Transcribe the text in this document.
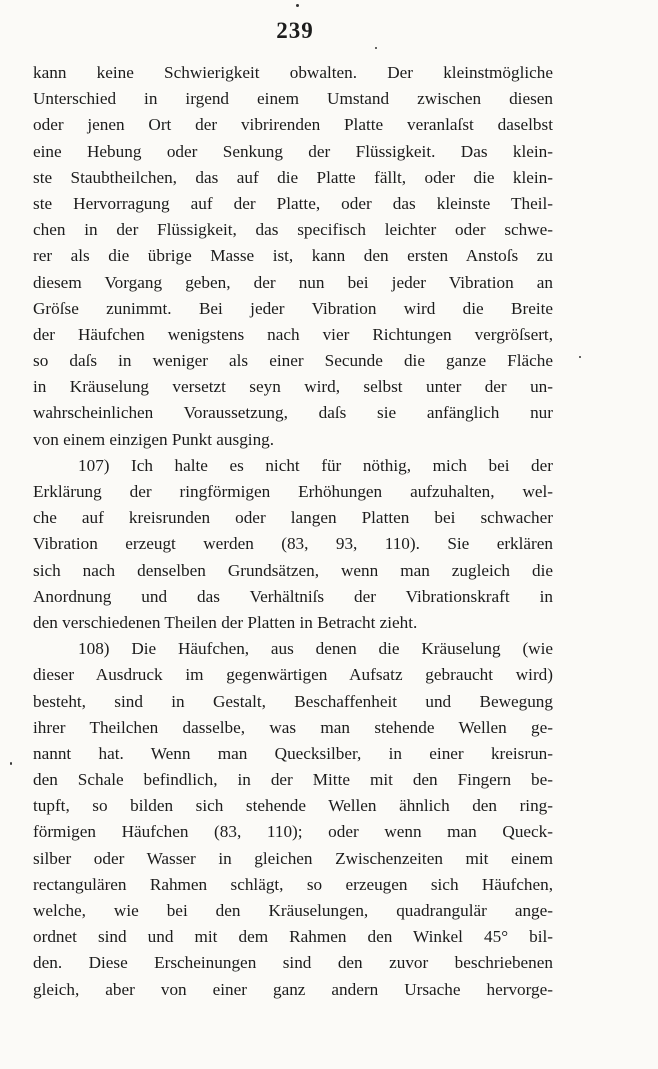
239
kann keine Schwierigkeit obwalten. Der kleinstmögliche
Unterschied in irgend einem Umstand zwischen diesen
oder jenen Ort der vibrirenden Platte veranlaſst daselbst
eine Hebung oder Senkung der Flüssigkeit. Das klein-
ste Staubtheilchen, das auf die Platte fällt, oder die klein-
ste Hervorragung auf der Platte, oder das kleinste Theil-
chen in der Flüssigkeit, das specifisch leichter oder schwe-
rer als die übrige Masse ist, kann den ersten Anstoſs zu
diesem Vorgang geben, der nun bei jeder Vibration an
Gröſse zunimmt. Bei jeder Vibration wird die Breite
der Häufchen wenigstens nach vier Richtungen vergröſsert,
so daſs in weniger als einer Secunde die ganze Fläche
in Kräuselung versetzt seyn wird, selbst unter der un-
wahrscheinlichen Voraussetzung, daſs sie anfänglich nur
von einem einzigen Punkt ausging.
107) Ich halte es nicht für nöthig, mich bei der
Erklärung der ringförmigen Erhöhungen aufzuhalten, wel-
che auf kreisrunden oder langen Platten bei schwacher
Vibration erzeugt werden (83, 93, 110). Sie erklären
sich nach denselben Grundsätzen, wenn man zugleich die
Anordnung und das Verhältniſs der Vibrationskraft in
den verschiedenen Theilen der Platten in Betracht zieht.
108) Die Häufchen, aus denen die Kräuselung (wie
dieser Ausdruck im gegenwärtigen Aufsatz gebraucht wird)
besteht, sind in Gestalt, Beschaffenheit und Bewegung
ihrer Theilchen dasselbe, was man stehende Wellen ge-
nannt hat. Wenn man Quecksilber, in einer kreisrun-
den Schale befindlich, in der Mitte mit den Fingern be-
tupft, so bilden sich stehende Wellen ähnlich den ring-
förmigen Häufchen (83, 110); oder wenn man Queck-
silber oder Wasser in gleichen Zwischenzeiten mit einem
rectangulären Rahmen schlägt, so erzeugen sich Häufchen,
welche, wie bei den Kräuselungen, quadrangulär ange-
ordnet sind und mit dem Rahmen den Winkel 45° bil-
den. Diese Erscheinungen sind den zuvor beschriebenen
gleich, aber von einer ganz andern Ursache hervorge-
